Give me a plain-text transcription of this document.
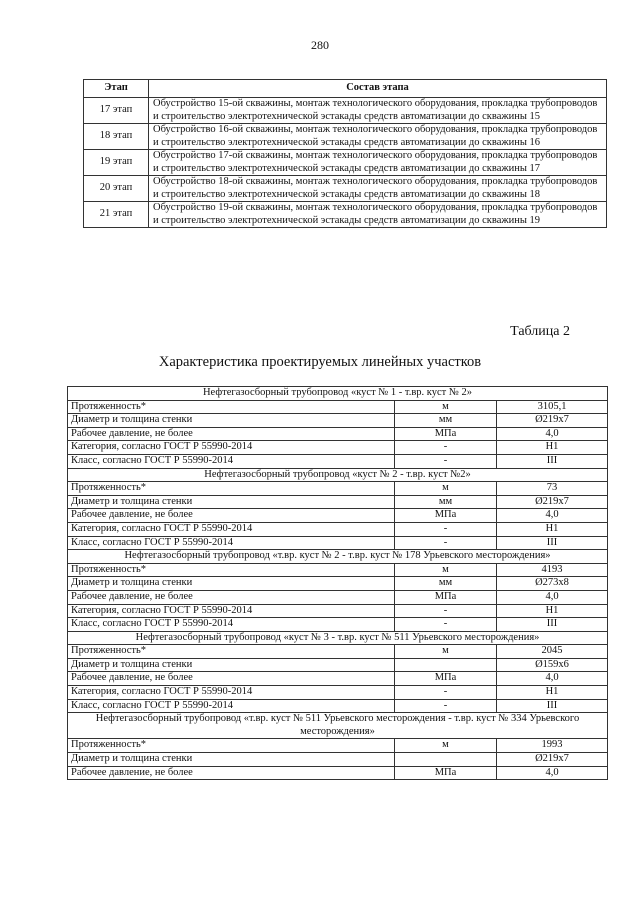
280
Этап	Состав этапа
17 этап	Обустройство 15-ой скважины, монтаж технологического оборудования, прокладка трубопроводов и строительство электротехнической эстакады средств автоматизации до скважины 15
18 этап	Обустройство 16-ой скважины, монтаж технологического оборудования, прокладка трубопроводов и строительство электротехнической эстакады средств автоматизации до скважины 16
19 этап	Обустройство 17-ой скважины, монтаж технологического оборудования, прокладка трубопроводов и строительство электротехнической эстакады средств автоматизации до скважины 17
20 этап	Обустройство 18-ой скважины, монтаж технологического оборудования, прокладка трубопроводов и строительство электротехнической эстакады средств автоматизации до скважины 18
21 этап	Обустройство 19-ой скважины, монтаж технологического оборудования, прокладка трубопроводов и строительство электротехнической эстакады средств автоматизации до скважины 19
Таблица 2
Характеристика проектируемых линейных участков
Нефтегазосборный трубопровод «куст № 1 - т.вр. куст № 2»		
Протяженность*	м	3105,1
Диаметр и толщина стенки	мм	Ø219x7
Рабочее давление, не более	МПа	4,0
Категория, согласно ГОСТ Р 55990-2014	-	Н1
Класс, согласно ГОСТ Р 55990-2014	-	III
Нефтегазосборный трубопровод «куст № 2 - т.вр. куст №2»		
Протяженность*	м	73
Диаметр и толщина стенки	мм	Ø219x7
Рабочее давление, не более	МПа	4,0
Категория, согласно ГОСТ Р 55990-2014	-	Н1
Класс, согласно ГОСТ Р 55990-2014	-	III
Нефтегазосборный трубопровод «т.вр. куст № 2 - т.вр. куст № 178 Урьевского месторождения»		
Протяженность*	м	4193
Диаметр и толщина стенки	мм	Ø273x8
Рабочее давление, не более	МПа	4,0
Категория, согласно ГОСТ Р 55990-2014	-	Н1
Класс, согласно ГОСТ Р 55990-2014	-	III
Нефтегазосборный трубопровод «куст № 3 - т.вр. куст № 511 Урьевского месторождения»		
Протяженность*	м	2045
Диаметр и толщина стенки		Ø159x6
Рабочее давление, не более	МПа	4,0
Категория, согласно ГОСТ Р 55990-2014	-	Н1
Класс, согласно ГОСТ Р 55990-2014	-	III
Нефтегазосборный трубопровод «т.вр. куст № 511 Урьевского месторождения - т.вр. куст № 334 Урьевского месторождения»		
Протяженность*	м	1993
Диаметр и толщина стенки		Ø219x7
Рабочее давление, не более	МПа	4,0
